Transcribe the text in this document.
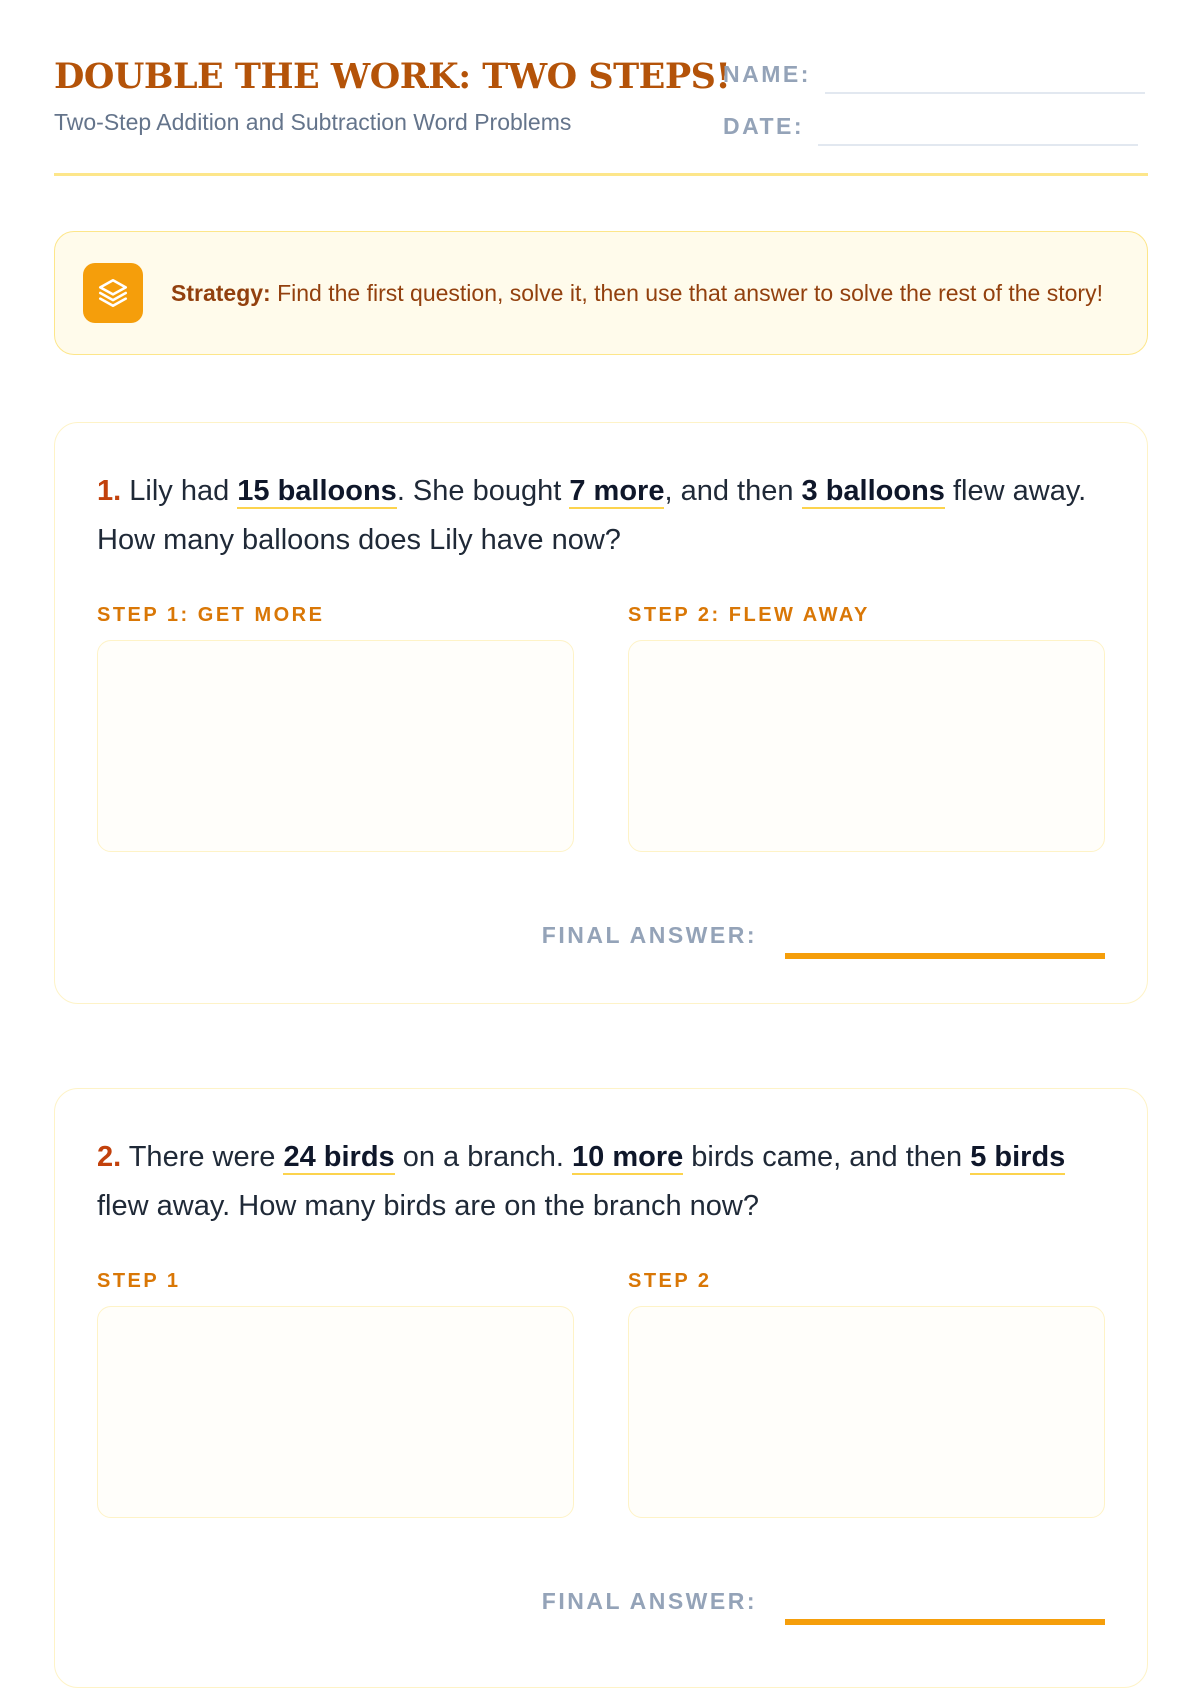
DOUBLE THE WORK: TWO STEPS!
Two-Step Addition and Subtraction Word Problems
NAME:
DATE:
Strategy: Find the first question, solve it, then use that answer to solve the rest of the story!

1. Lily had 15 balloons. She bought 7 more, and then 3 balloons flew away. How many balloons does Lily have now?

STEP 1: GET MORE	STEP 2: FLEW AWAY
FINAL ANSWER:

2. There were 24 birds on a branch. 10 more birds came, and then 5 birds flew away. How many birds are on the branch now?

STEP 1	STEP 2
FINAL ANSWER:
